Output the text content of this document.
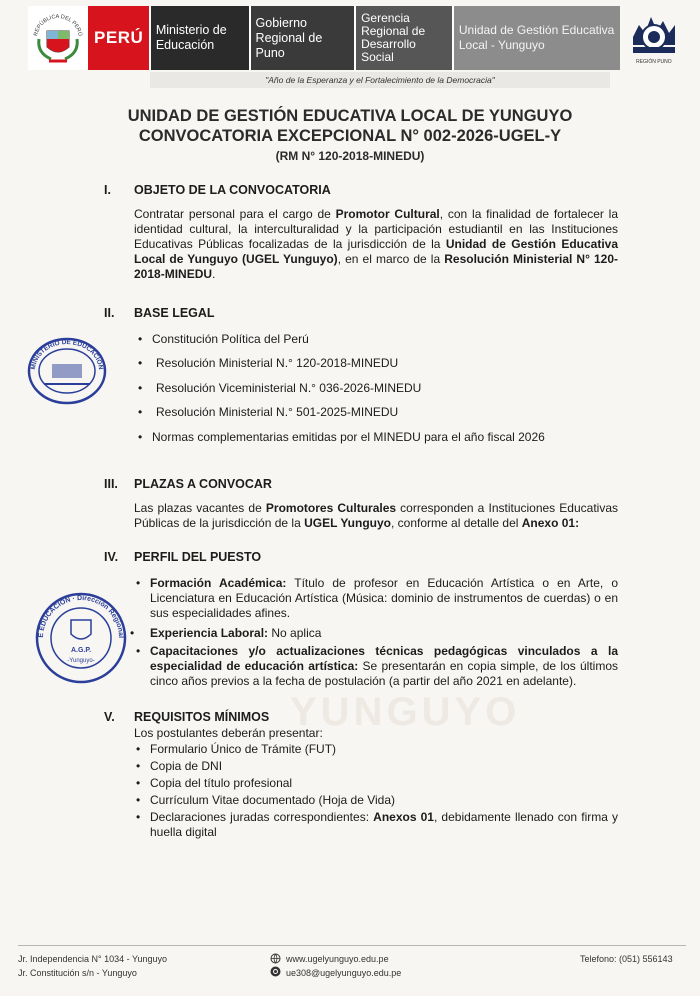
REPÚBLICA DEL PERÚ PERÚ	Ministerio de Educación
Gobierno Regional de Puno
Gerencia Regional de Desarrollo Social
Unidad de Gestión Educativa Local - Yunguyo
REGIÓN PUNO
"Año de la Esperanza y el Fortalecimiento de la Democracia"
UNIDAD DE GESTIÓN EDUCATIVA LOCAL DE YUNGUYO
CONVOCATORIA EXCEPCIONAL N° 002-2026-UGEL-Y
(RM N° 120-2018-MINEDU)
I. OBJETO DE LA CONVOCATORIA
Contratar personal para el cargo de Promotor Cultural, con la finalidad de fortalecer la identidad cultural, la interculturalidad y la participación estudiantil en las Instituciones Educativas Públicas focalizadas de la jurisdicción de la Unidad de Gestión Educativa Local de Yunguyo (UGEL Yunguyo), en el marco de la Resolución Ministerial N° 120-2018-MINEDU.
II. BASE LEGAL
• Constitución Política del Perú
• Resolución Ministerial N.° 120-2018-MINEDU
• Resolución Viceministerial N.° 036-2026-MINEDU
• Resolución Ministerial N.° 501-2025-MINEDU
• Normas complementarias emitidas por el MINEDU para el año fiscal 2026
MINISTERIO DE EDUCACIÓN
III. PLAZAS A CONVOCAR
Las plazas vacantes de Promotores Culturales corresponden a Instituciones Educativas Públicas de la jurisdicción de la UGEL Yunguyo, conforme al detalle del Anexo 01:
IV. PERFIL DEL PUESTO
• Formación Académica: Título de profesor en Educación Artística o en Arte, o Licenciatura en Educación Artística (Música: dominio de instrumentos de cuerdas) o en sus especialidades afines.
• Experiencia Laboral: No aplica
• Capacitaciones y/o actualizaciones técnicas pedagógicas vinculados a la especialidad de educación artística: Se presentarán en copia simple, de los últimos cinco años previos a la fecha de postulación (a partir del año 2021 en adelante).
E EDUCACIÓN · Dirección Regional
A.G.P.
-Yunguyo-
YUNGUYO
V. REQUISITOS MÍNIMOS
Los postulantes deberán presentar:
• Formulario Único de Trámite (FUT)
• Copia de DNI
• Copia del título profesional
• Currículum Vitae documentado (Hoja de Vida)
• Declaraciones juradas correspondientes: Anexos 01, debidamente llenado con firma y huella digital
Jr. Independencia N° 1034 - Yunguyo
Jr. Constitución s/n - Yunguyo
www.ugelyunguyo.edu.pe
ue308@ugelyunguyo.edu.pe
Telefono: (051) 556143
